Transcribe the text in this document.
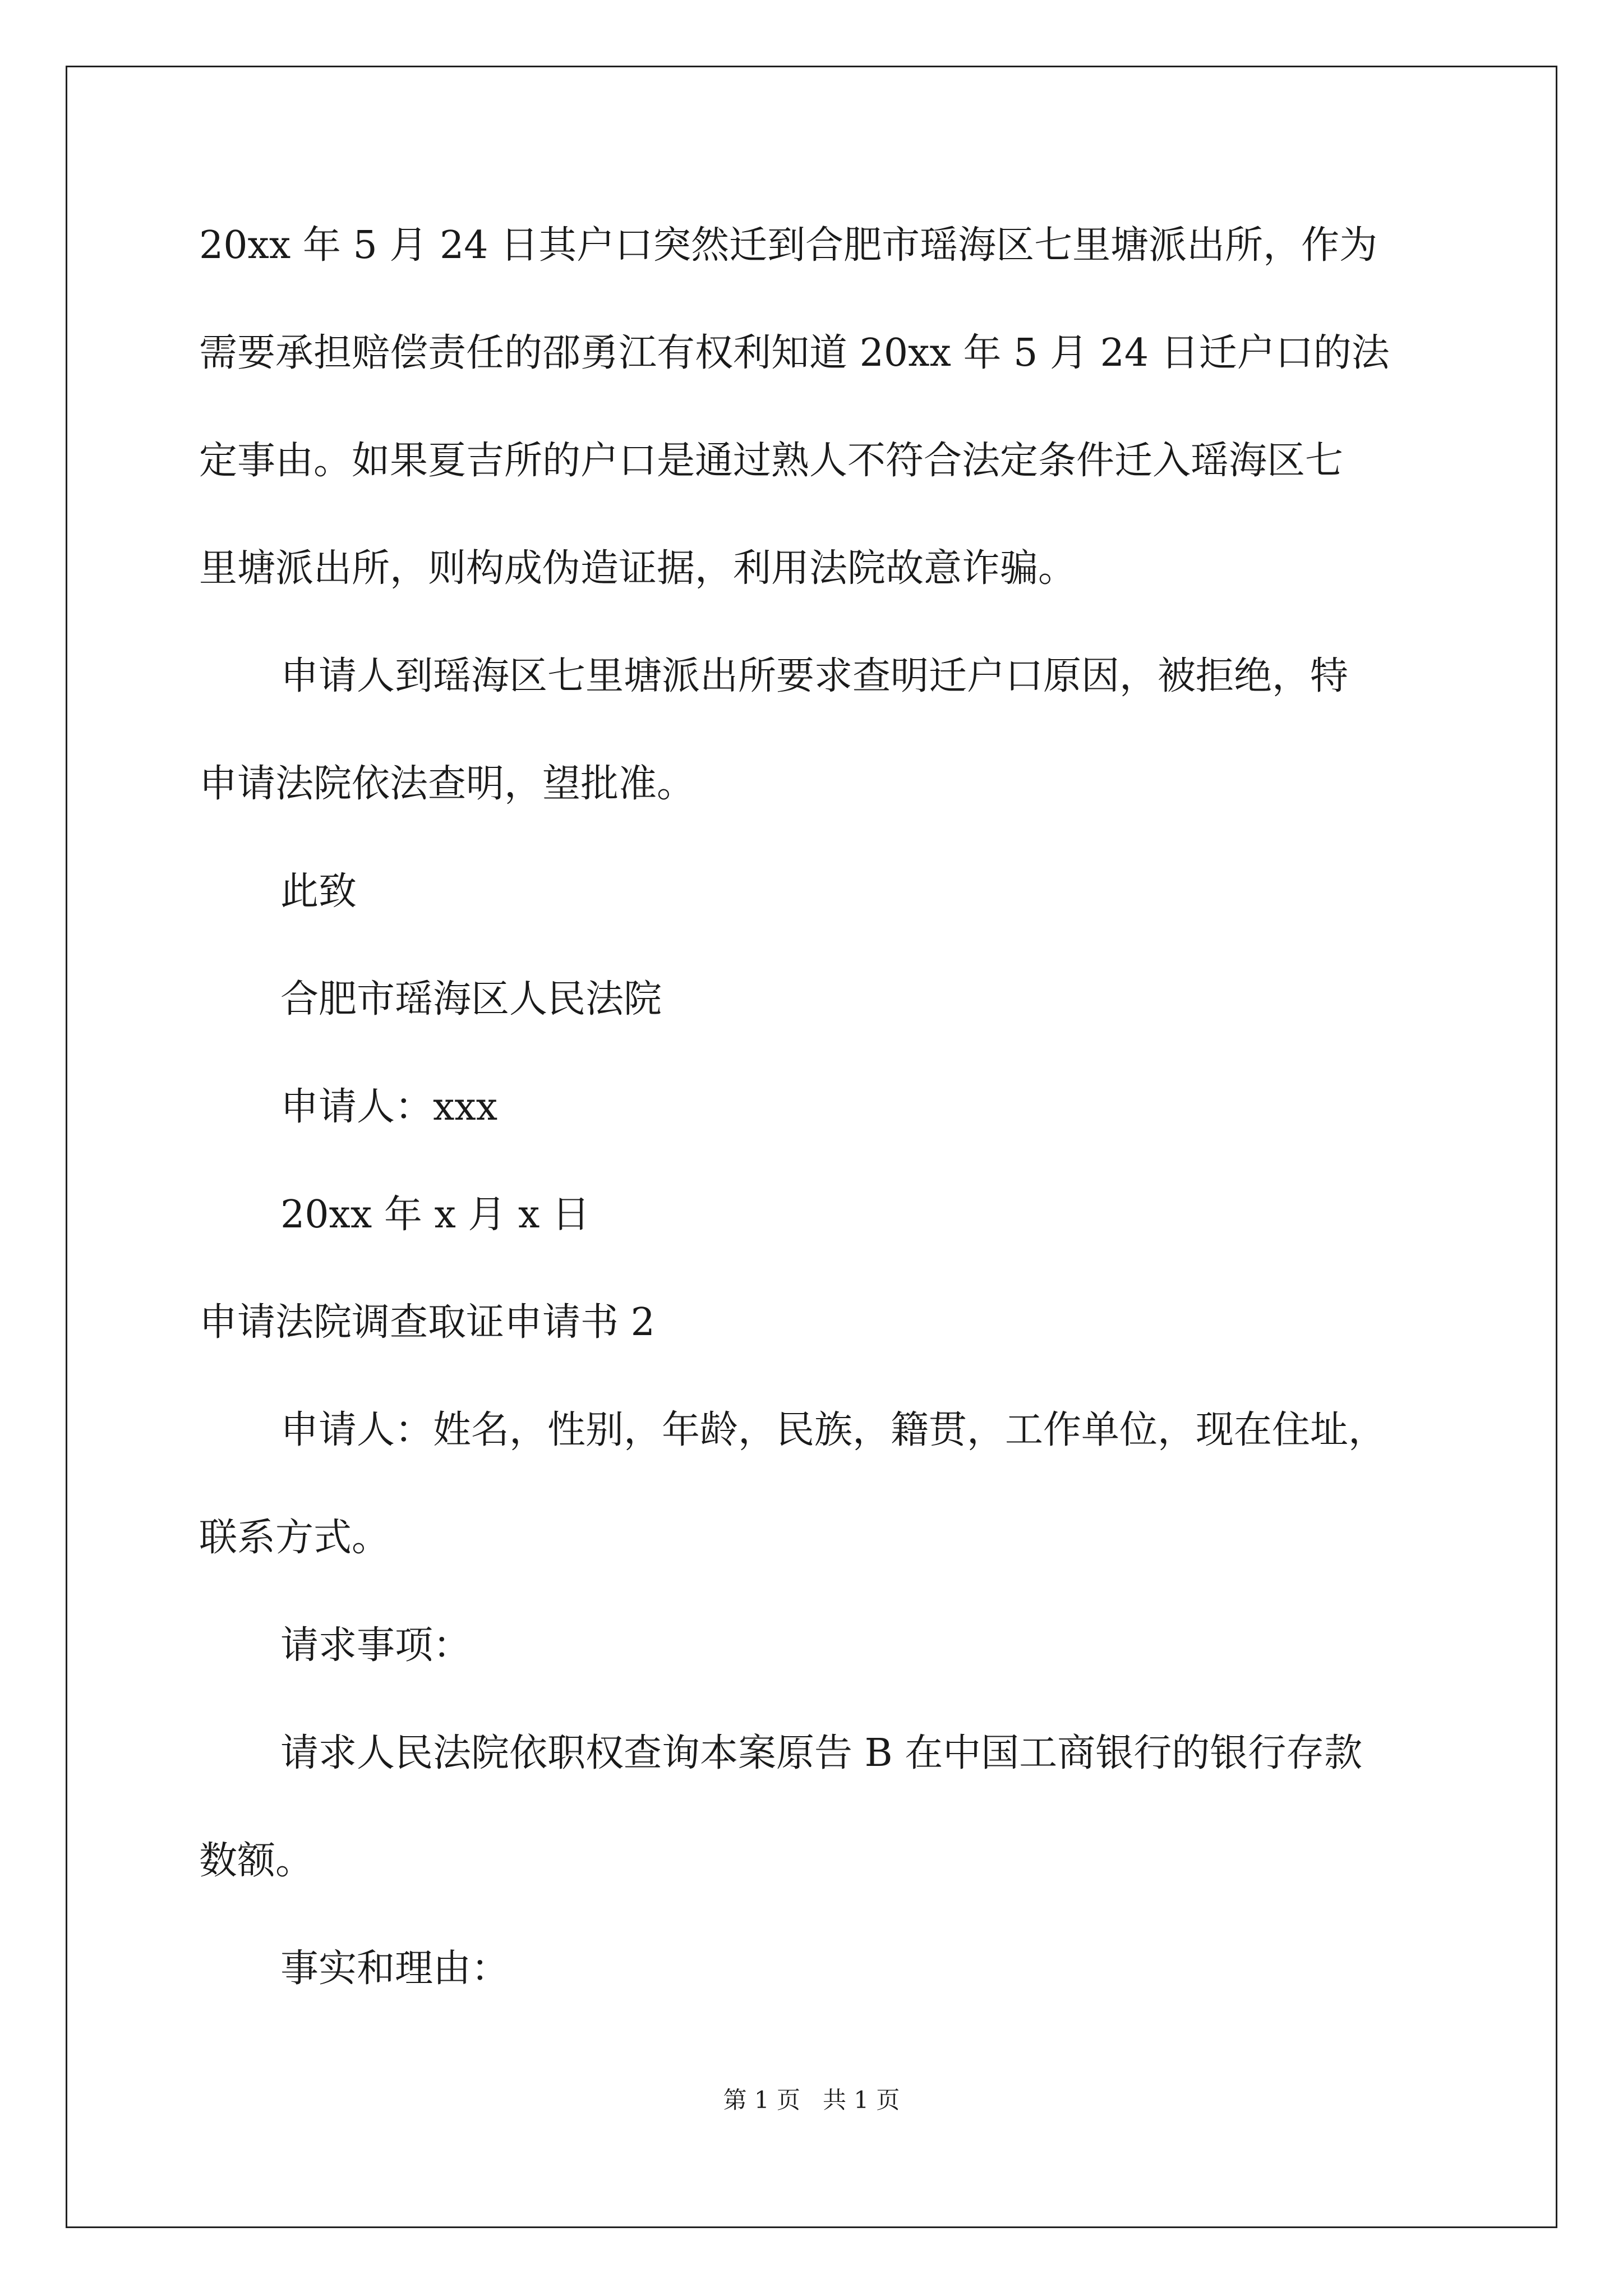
20xx 年 5 月 24 日其户口突然迁到合肥市瑶海区七里塘派出所，作为
需要承担赔偿责任的邵勇江有权利知道 20xx 年 5 月 24 日迁户口的法
定事由。如果夏吉所的户口是通过熟人不符合法定条件迁入瑶海区七
里塘派出所，则构成伪造证据，利用法院故意诈骗。
申请人到瑶海区七里塘派出所要求查明迁户口原因，被拒绝，特
申请法院依法查明，望批准。
此致
合肥市瑶海区人民法院
申请人：xxx
20xx 年 x 月 x 日
申请法院调查取证申请书 2
申请人：姓名，性别，年龄，民族，籍贯，工作单位，现在住址，
联系方式。
请求事项：
请求人民法院依职权查询本案原告 B 在中国工商银行的银行存款
数额。
事实和理由：
第 1 页 共 1 页
